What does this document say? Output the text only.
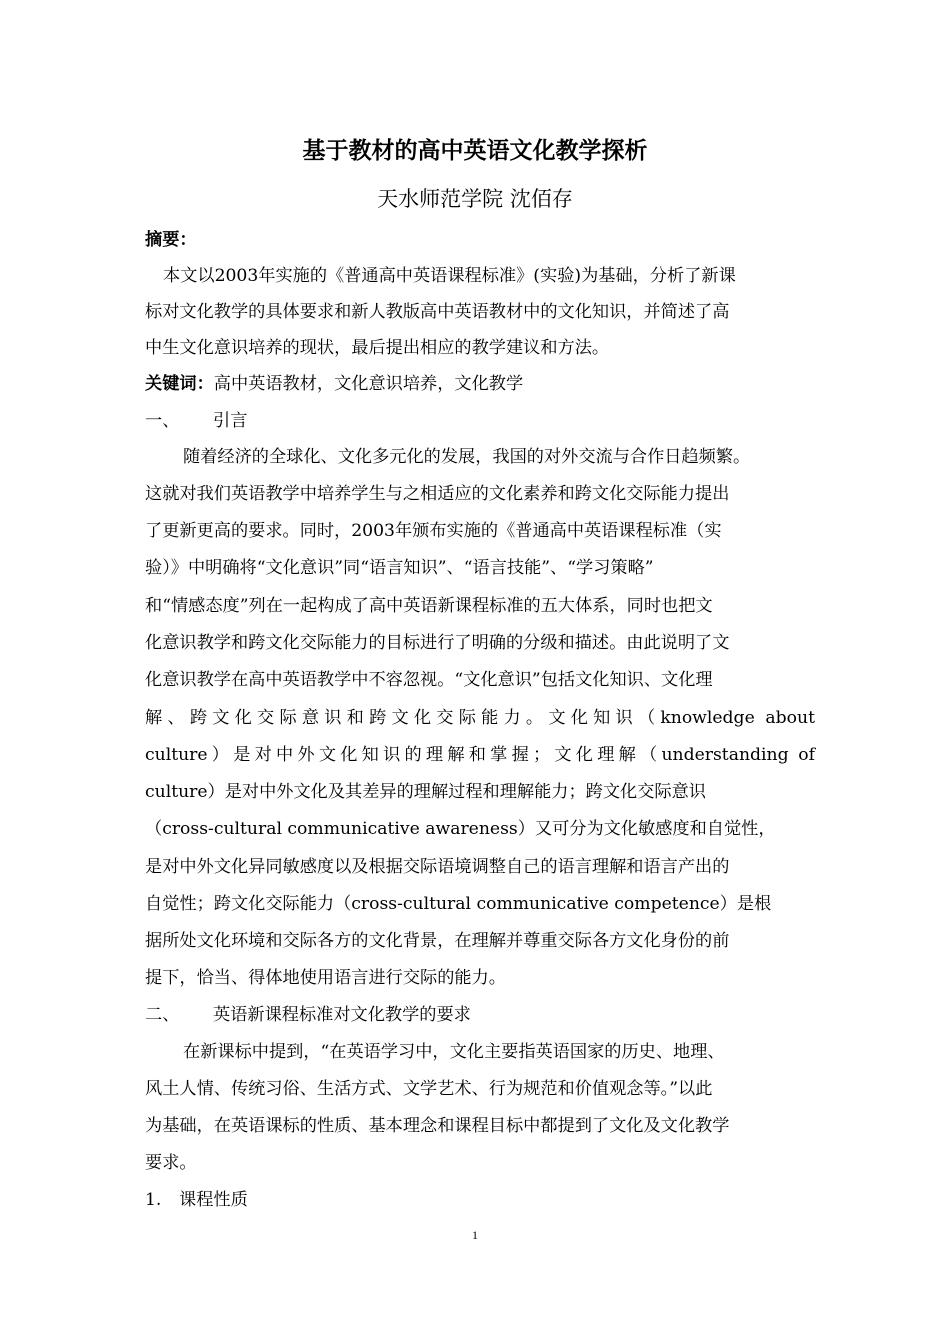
基于教材的高中英语文化教学探析
天水师范学院 沈佰存
摘要：
本文以2003年实施的《普通高中英语课程标准》(实验)为基础，分析了新课
标对文化教学的具体要求和新人教版高中英语教材中的文化知识，并简述了高
中生文化意识培养的现状，最后提出相应的教学建议和方法。
关键词：高中英语教材，文化意识培养，文化教学
一、 引言
随着经济的全球化、文化多元化的发展，我国的对外交流与合作日趋频繁。
这就对我们英语教学中培养学生与之相适应的文化素养和跨文化交际能力提出
了更新更高的要求。同时，2003年颁布实施的《普通高中英语课程标准（实
验）》中明确将“文化意识”同“语言知识”、“语言技能”、“学习策略”
和“情感态度”列在一起构成了高中英语新课程标准的五大体系，同时也把文
化意识教学和跨文化交际能力的目标进行了明确的分级和描述。由此说明了文
化意识教学在高中英语教学中不容忽视。“文化意识”包括文化知识、文化理
解、跨文化交际意识和跨文化交际能力。文化知识（knowledge about
culture）是对中外文化知识的理解和掌握；文化理解（understanding of
culture）是对中外文化及其差异的理解过程和理解能力；跨文化交际意识
（cross-cultural communicative awareness）又可分为文化敏感度和自觉性，
是对中外文化异同敏感度以及根据交际语境调整自己的语言理解和语言产出的
自觉性；跨文化交际能力（cross-cultural communicative competence）是根
据所处文化环境和交际各方的文化背景，在理解并尊重交际各方文化身份的前
提下，恰当、得体地使用语言进行交际的能力。
二、 英语新课程标准对文化教学的要求
在新课标中提到，“在英语学习中，文化主要指英语国家的历史、地理、
风土人情、传统习俗、生活方式、文学艺术、行为规范和价值观念等。”以此
为基础，在英语课标的性质、基本理念和课程目标中都提到了文化及文化教学
要求。
1. 课程性质
1
